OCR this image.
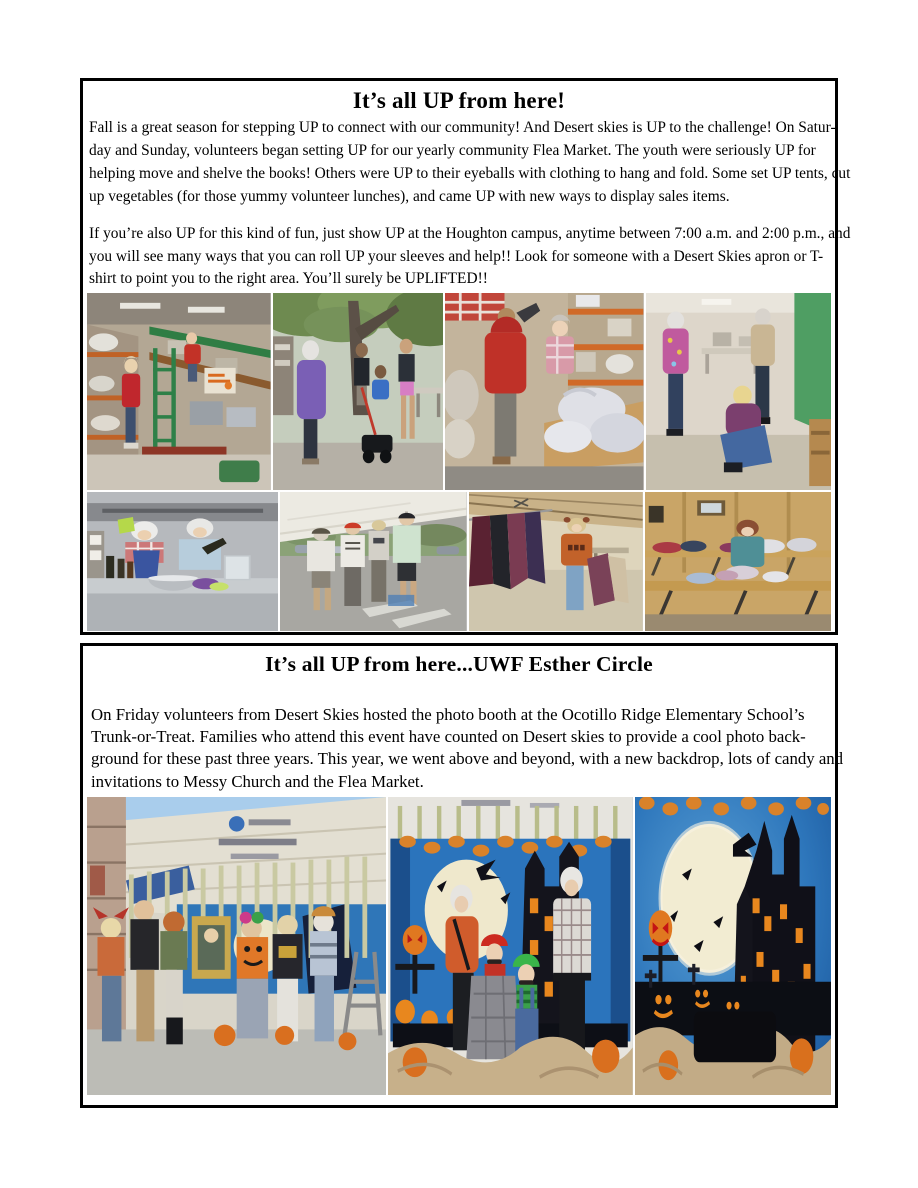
It’s all UP from here!
Fall is a great season for stepping UP to connect with our community! And Desert skies is UP to the challenge! On Satur-
day and Sunday, volunteers began setting UP for our yearly community Flea Market. The youth were seriously UP for
helping move and shelve the books! Others were UP to their eyeballs with clothing to hang and fold. Some set UP tents, cut
up vegetables (for those yummy volunteer lunches), and came UP with new ways to display sales items.
If you’re also UP for this kind of fun, just show UP at the Houghton campus, anytime between 7:00 a.m. and 2:00 p.m., and
you will see many ways that you can roll UP your sleeves and help!! Look for someone with a Desert Skies apron or T-
shirt to point you to the right area. You’ll surely be UPLIFTED!!
It’s all UP from here...UWF Esther Circle
On Friday volunteers from Desert Skies hosted the photo booth at the Ocotillo Ridge Elementary School’s
Trunk-or-Treat. Families who attend this event have counted on Desert skies to provide a cool photo back-
ground for these past three years. This year, we went above and beyond, with a new backdrop, lots of candy and
invitations to Messy Church and the Flea Market.
